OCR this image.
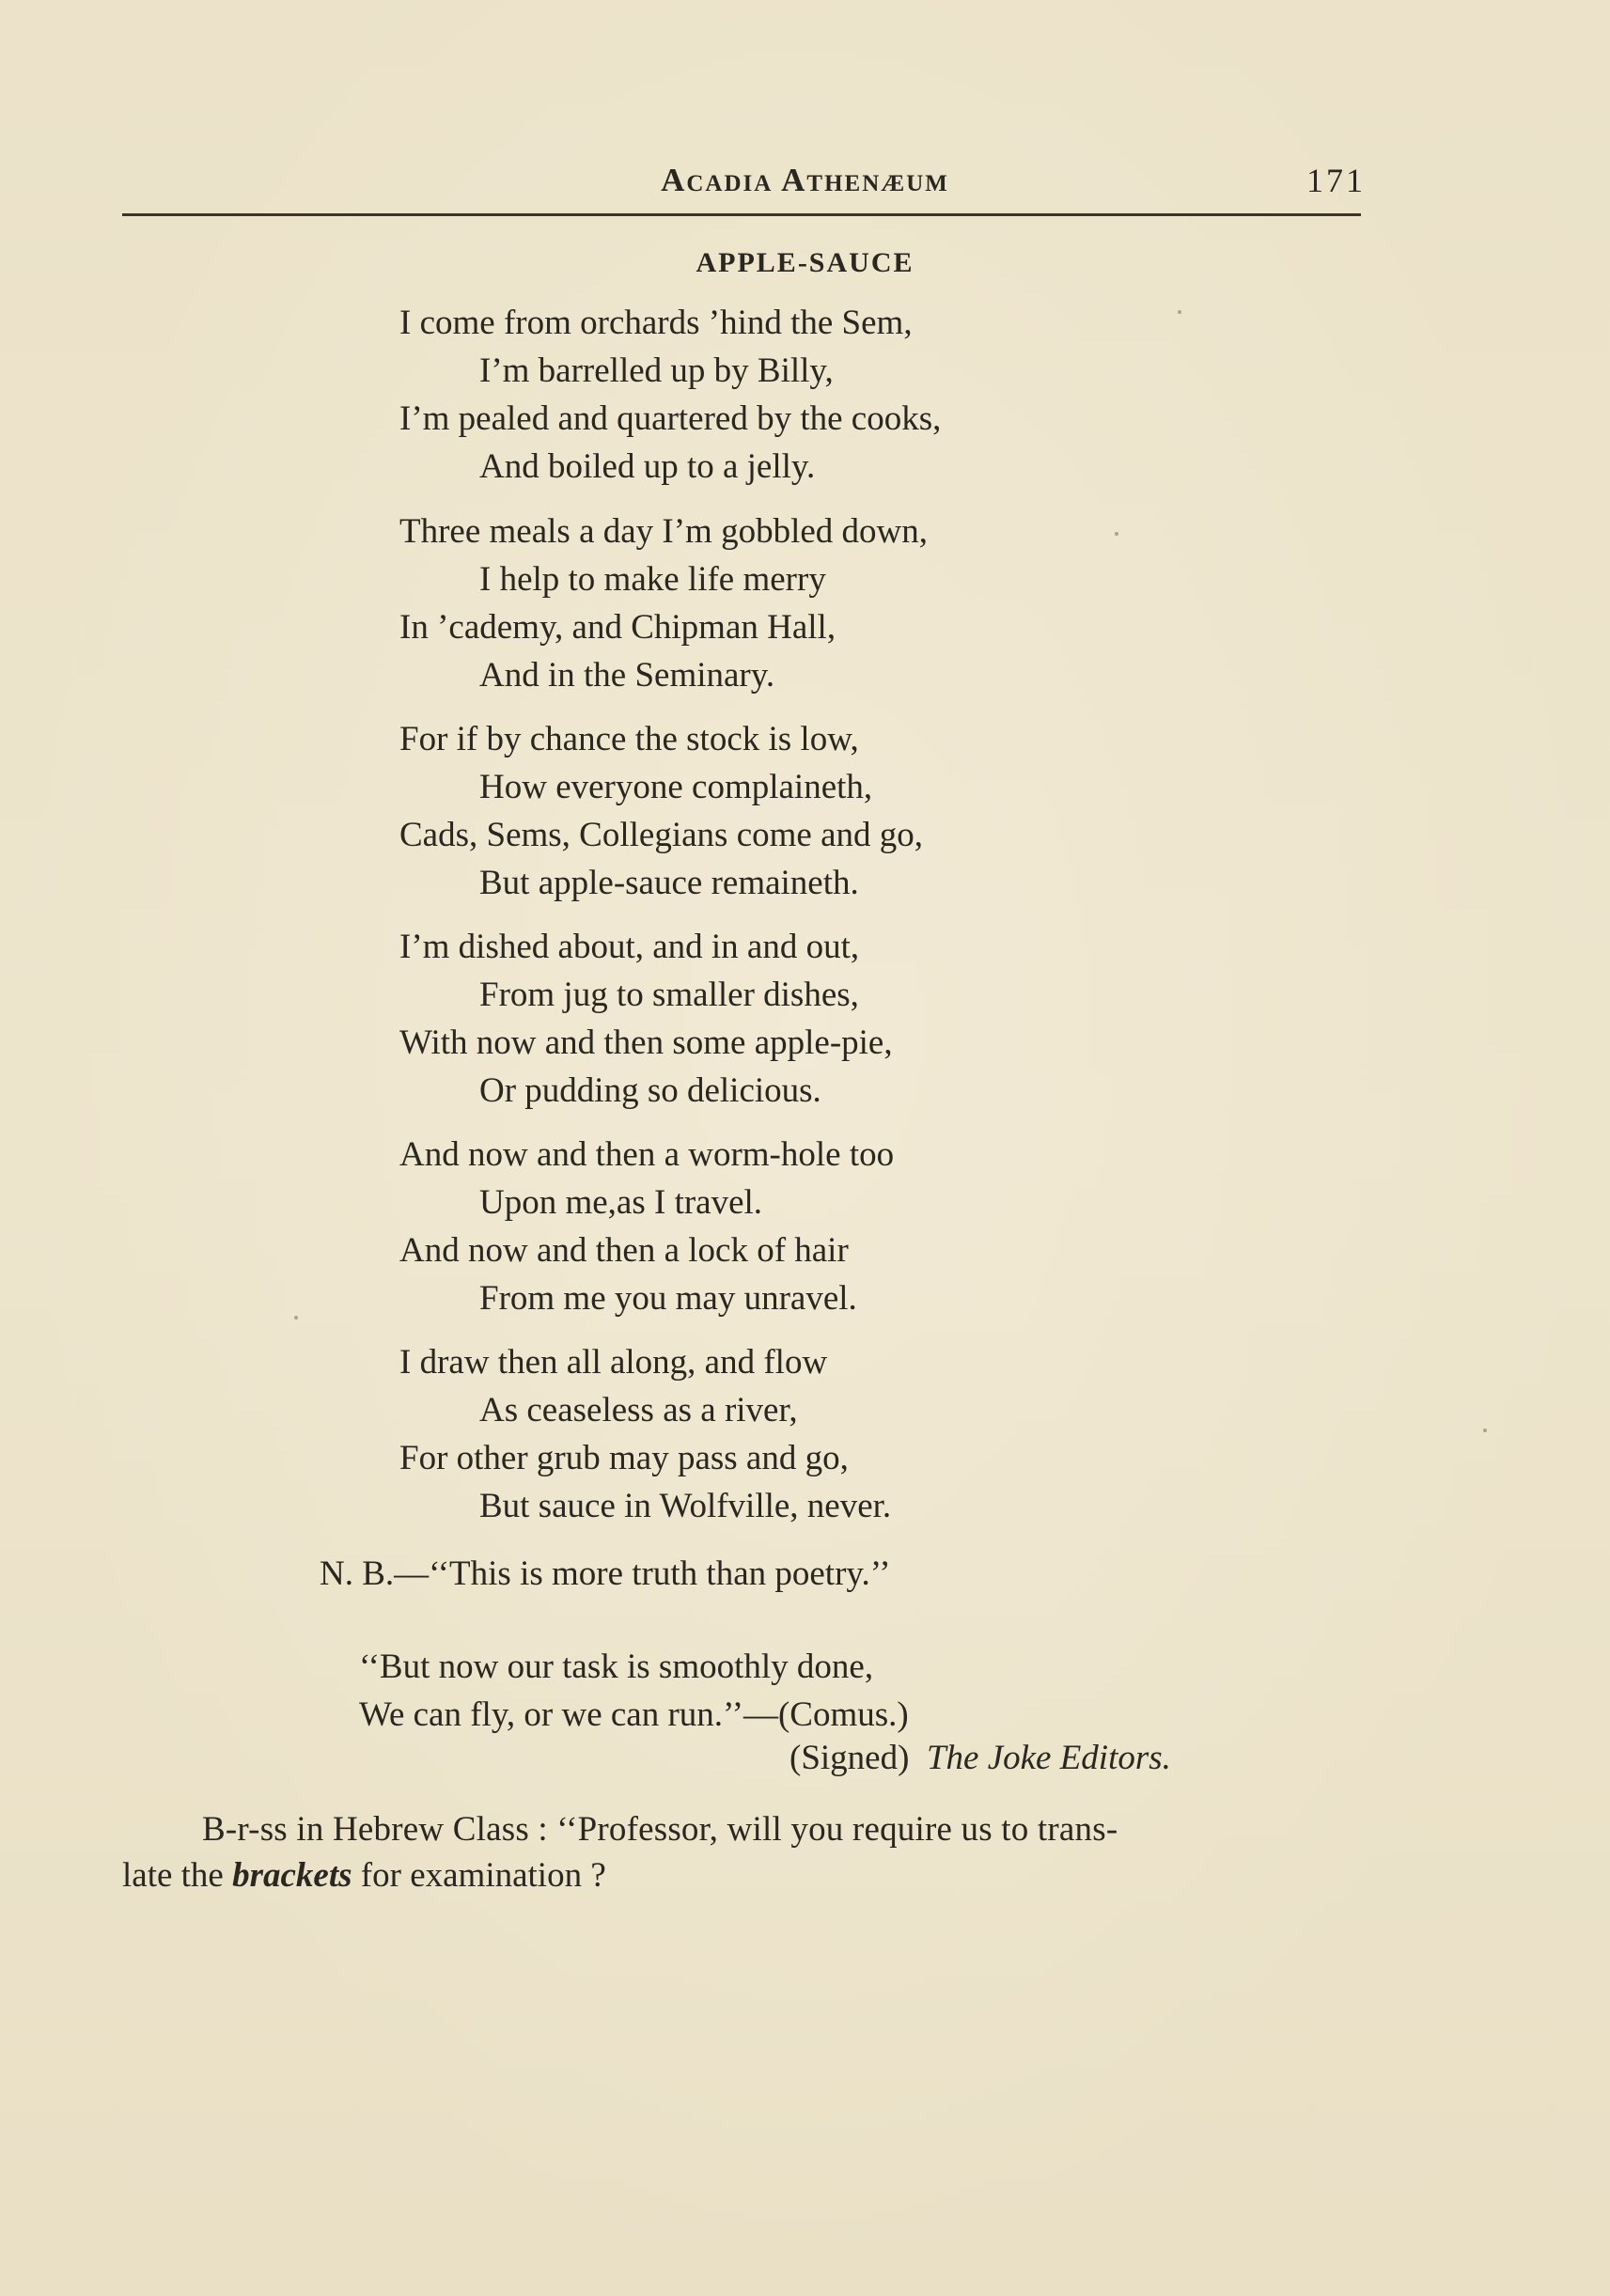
Acadia Athenæum	171
APPLE-SAUCE
I come from orchards ’hind the Sem,
I’m barrelled up by Billy,
I’m pealed and quartered by the cooks,
And boiled up to a jelly.
Three meals a day I’m gobbled down,
I help to make life merry
In ’cademy, and Chipman Hall,
And in the Seminary.
For if by chance the stock is low,
How everyone complaineth,
Cads, Sems, Collegians come and go,
But apple-sauce remaineth.
I’m dished about, and in and out,
From jug to smaller dishes,
With now and then some apple-pie,
Or pudding so delicious.
And now and then a worm-hole too
Upon me,as I travel.
And now and then a lock of hair
From me you may unravel.
I draw then all along, and flow
As ceaseless as a river,
For other grub may pass and go,
But sauce in Wolfville, never.
N. B.—‘‘This is more truth than poetry.’’
‘‘But now our task is smoothly done,
We can fly, or we can run.’’—(Comus.)
(Signed) The Joke Editors.
B-r-ss in Hebrew Class : ‘‘Professor, will you require us to trans-
late the brackets for examination ?
